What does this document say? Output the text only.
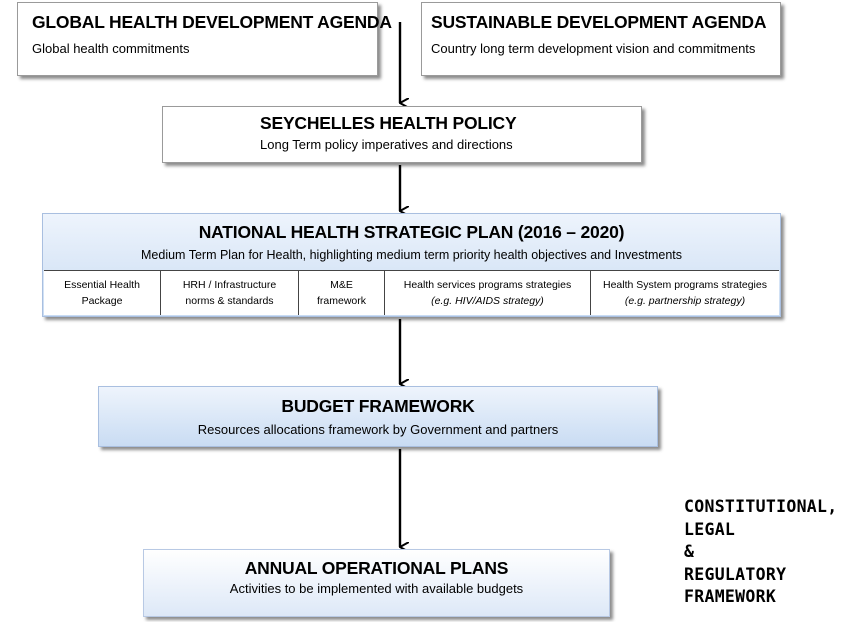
GLOBAL HEALTH DEVELOPMENT AGENDA
Global health commitments
SUSTAINABLE DEVELOPMENT AGENDA
Country long term development vision and commitments
SEYCHELLES HEALTH POLICY
Long Term policy imperatives and directions
NATIONAL HEALTH STRATEGIC PLAN (2016 – 2020)
Medium Term Plan for Health, highlighting medium term priority health objectives and Investments
Essential Health
Package
HRH / Infrastructure
norms & standards
M&E
framework
Health services programs strategies
(e.g. HIV/AIDS strategy)
Health System programs strategies
(e.g. partnership strategy)
BUDGET FRAMEWORK
Resources allocations framework by Government and partners
ANNUAL OPERATIONAL PLANS
Activities to be implemented with available budgets
CONSTITUTIONAL,
LEGAL
&
REGULATORY
FRAMEWORK
